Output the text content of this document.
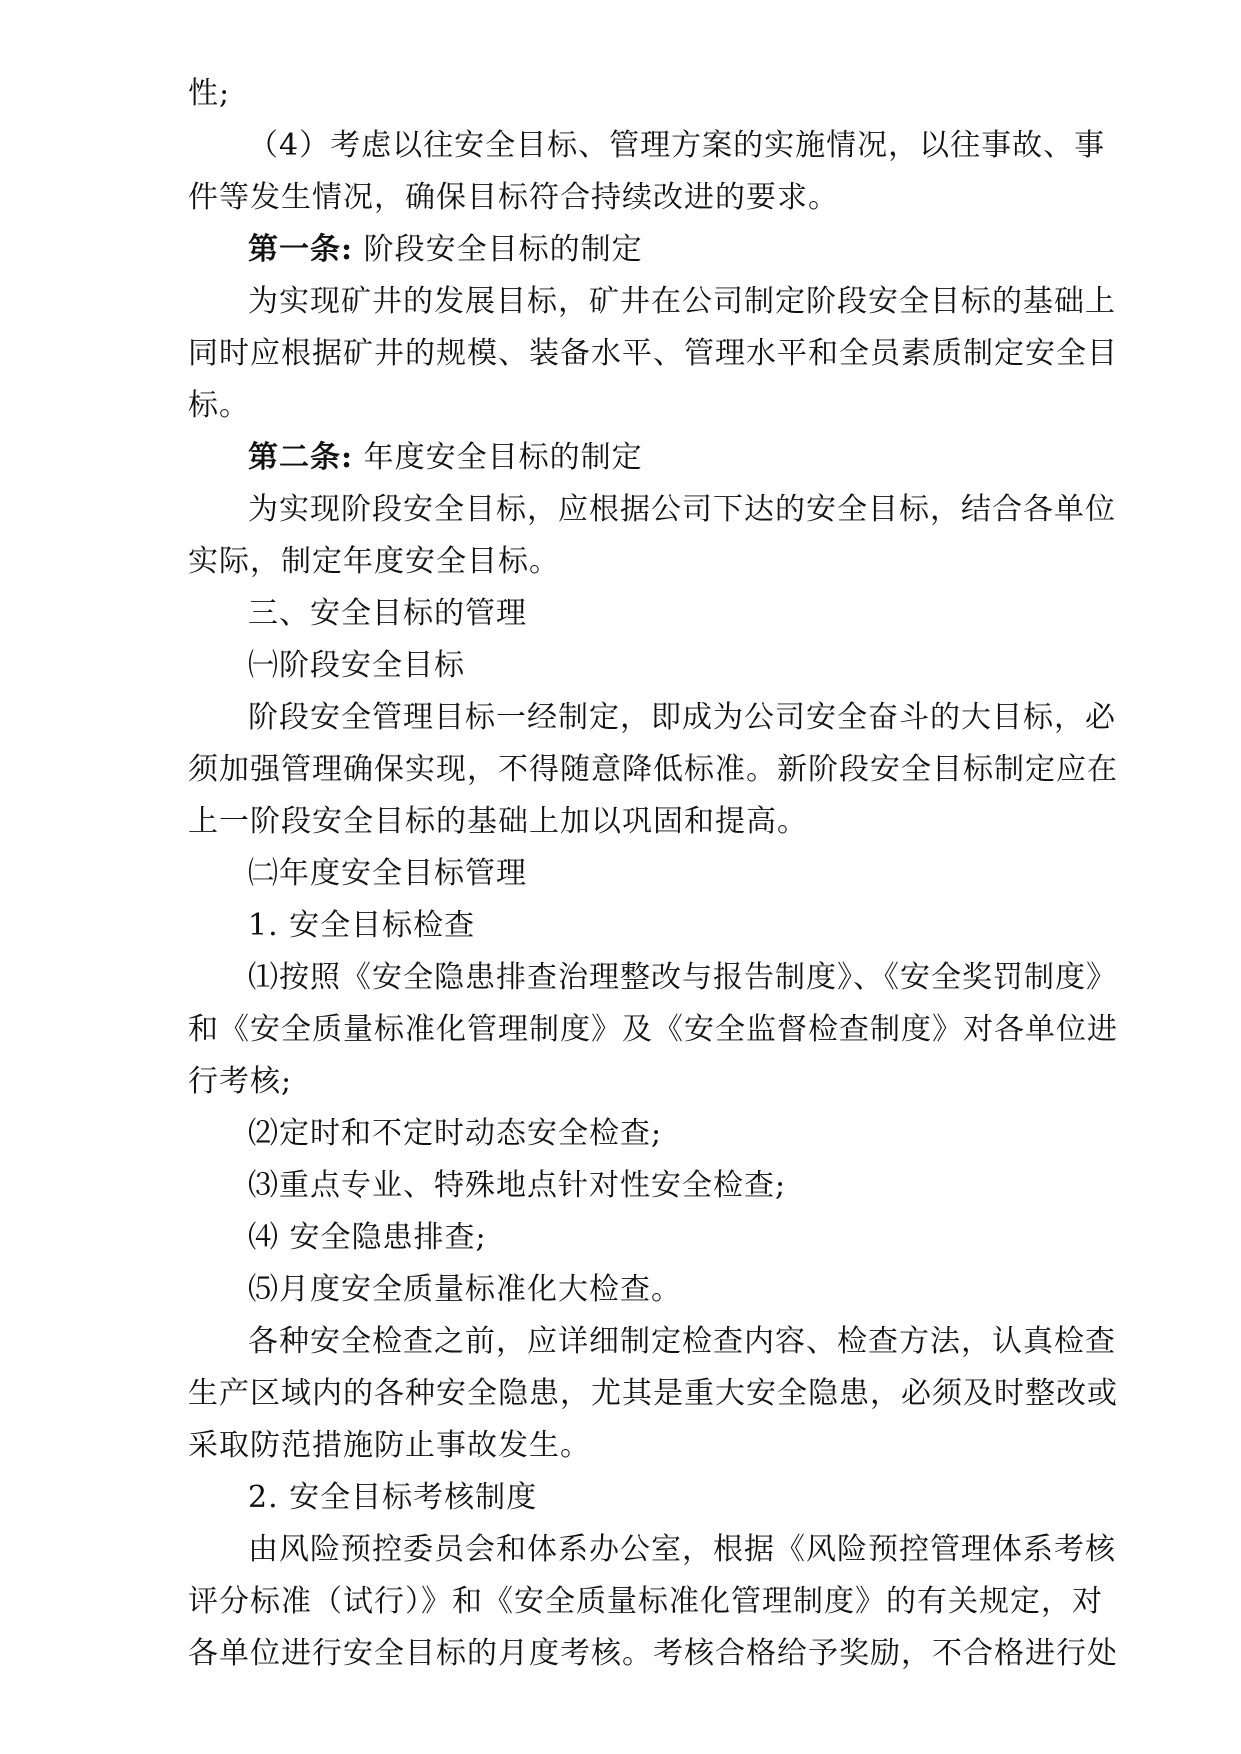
性;
（4）考虑以往安全目标、管理方案的实施情况，以往事故、事
件等发生情况，确保目标符合持续改进的要求。
第一条: 阶段安全目标的制定
为实现矿井的发展目标，矿井在公司制定阶段安全目标的基础上
同时应根据矿井的规模、装备水平、管理水平和全员素质制定安全目
标。
第二条: 年度安全目标的制定
为实现阶段安全目标，应根据公司下达的安全目标，结合各单位
实际，制定年度安全目标。
三、安全目标的管理
㈠阶段安全目标
阶段安全管理目标一经制定，即成为公司安全奋斗的大目标，必
须加强管理确保实现，不得随意降低标准。新阶段安全目标制定应在
上一阶段安全目标的基础上加以巩固和提高。
㈡年度安全目标管理
1. 安全目标检查
⑴按照《安全隐患排查治理整改与报告制度》、《安全奖罚制度》
和《安全质量标准化管理制度》及《安全监督检查制度》对各单位进
行考核;
⑵定时和不定时动态安全检查;
⑶重点专业、特殊地点针对性安全检查;
⑷ 安全隐患排查;
⑸月度安全质量标准化大检查。
各种安全检查之前，应详细制定检查内容、检查方法，认真检查
生产区域内的各种安全隐患，尤其是重大安全隐患，必须及时整改或
采取防范措施防止事故发生。
2. 安全目标考核制度
由风险预控委员会和体系办公室，根据《风险预控管理体系考核
评分标准（试行）》和《安全质量标准化管理制度》的有关规定，对
各单位进行安全目标的月度考核。考核合格给予奖励，不合格进行处
